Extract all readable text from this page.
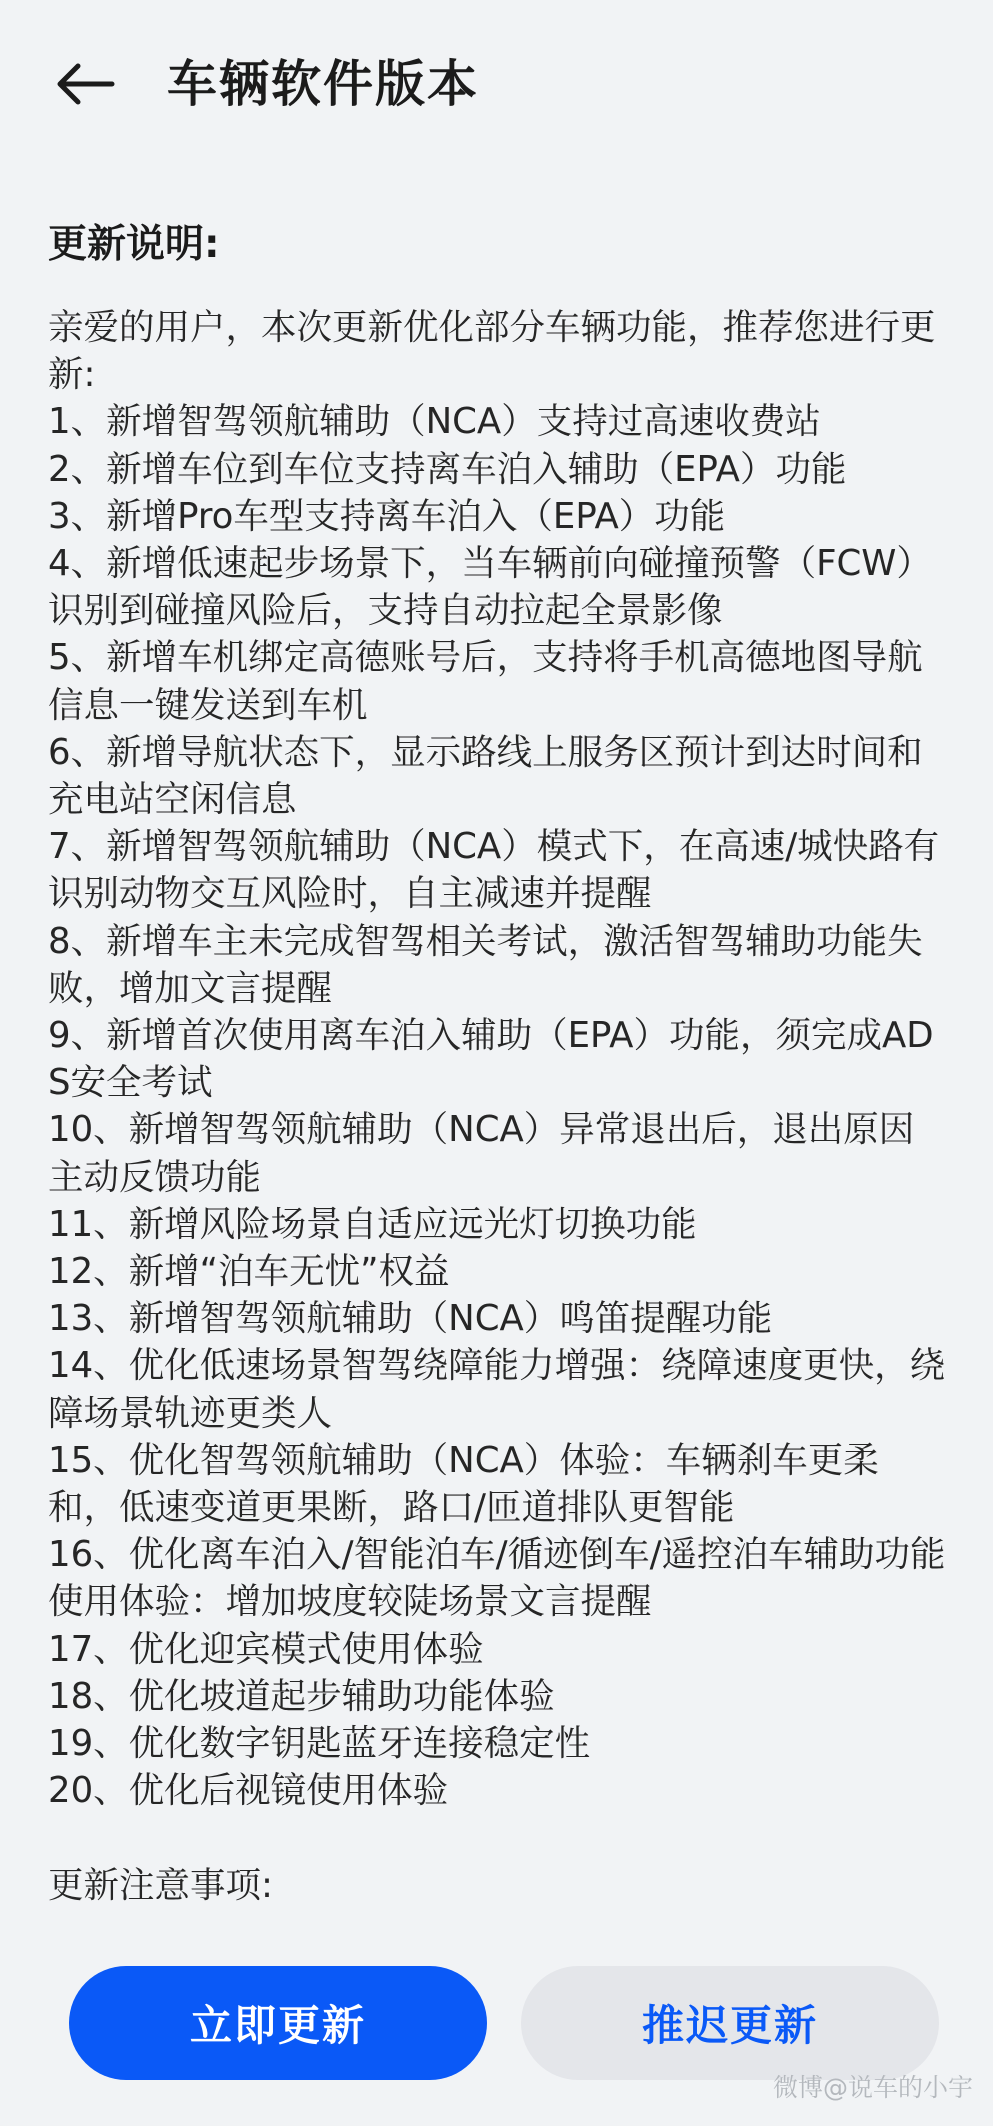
车辆软件版本
更新说明:
亲爱的用户，本次更新优化部分车辆功能，推荐您进行更新:
1、新增智驾领航辅助（NCA）支持过高速收费站
2、新增车位到车位支持离车泊入辅助（EPA）功能
3、新增Pro车型支持离车泊入（EPA）功能
4、新增低速起步场景下，当车辆前向碰撞预警（FCW）识别到碰撞风险后，支持自动拉起全景影像
5、新增车机绑定高德账号后，支持将手机高德地图导航信息一键发送到车机
6、新增导航状态下，显示路线上服务区预计到达时间和充电站空闲信息
7、新增智驾领航辅助（NCA）模式下，在高速/城快路有识别动物交互风险时，自主减速并提醒
8、新增车主未完成智驾相关考试，激活智驾辅助功能失败，增加文言提醒
9、新增首次使用离车泊入辅助（EPA）功能，须完成ADS安全考试
10、新增智驾领航辅助（NCA）异常退出后，退出原因主动反馈功能
11、新增风险场景自适应远光灯切换功能
12、新增“泊车无忧”权益
13、新增智驾领航辅助（NCA）鸣笛提醒功能
14、优化低速场景智驾绕障能力增强：绕障速度更快，绕障场景轨迹更类人
15、优化智驾领航辅助（NCA）体验：车辆刹车更柔和，低速变道更果断，路口/匝道排队更智能
16、优化离车泊入/智能泊车/循迹倒车/遥控泊车辅助功能使用体验：增加坡度较陡场景文言提醒
17、优化迎宾模式使用体验
18、优化坡道起步辅助功能体验
19、优化数字钥匙蓝牙连接稳定性
20、优化后视镜使用体验

更新注意事项:
立即更新	推迟更新
微博@说车的小宇
